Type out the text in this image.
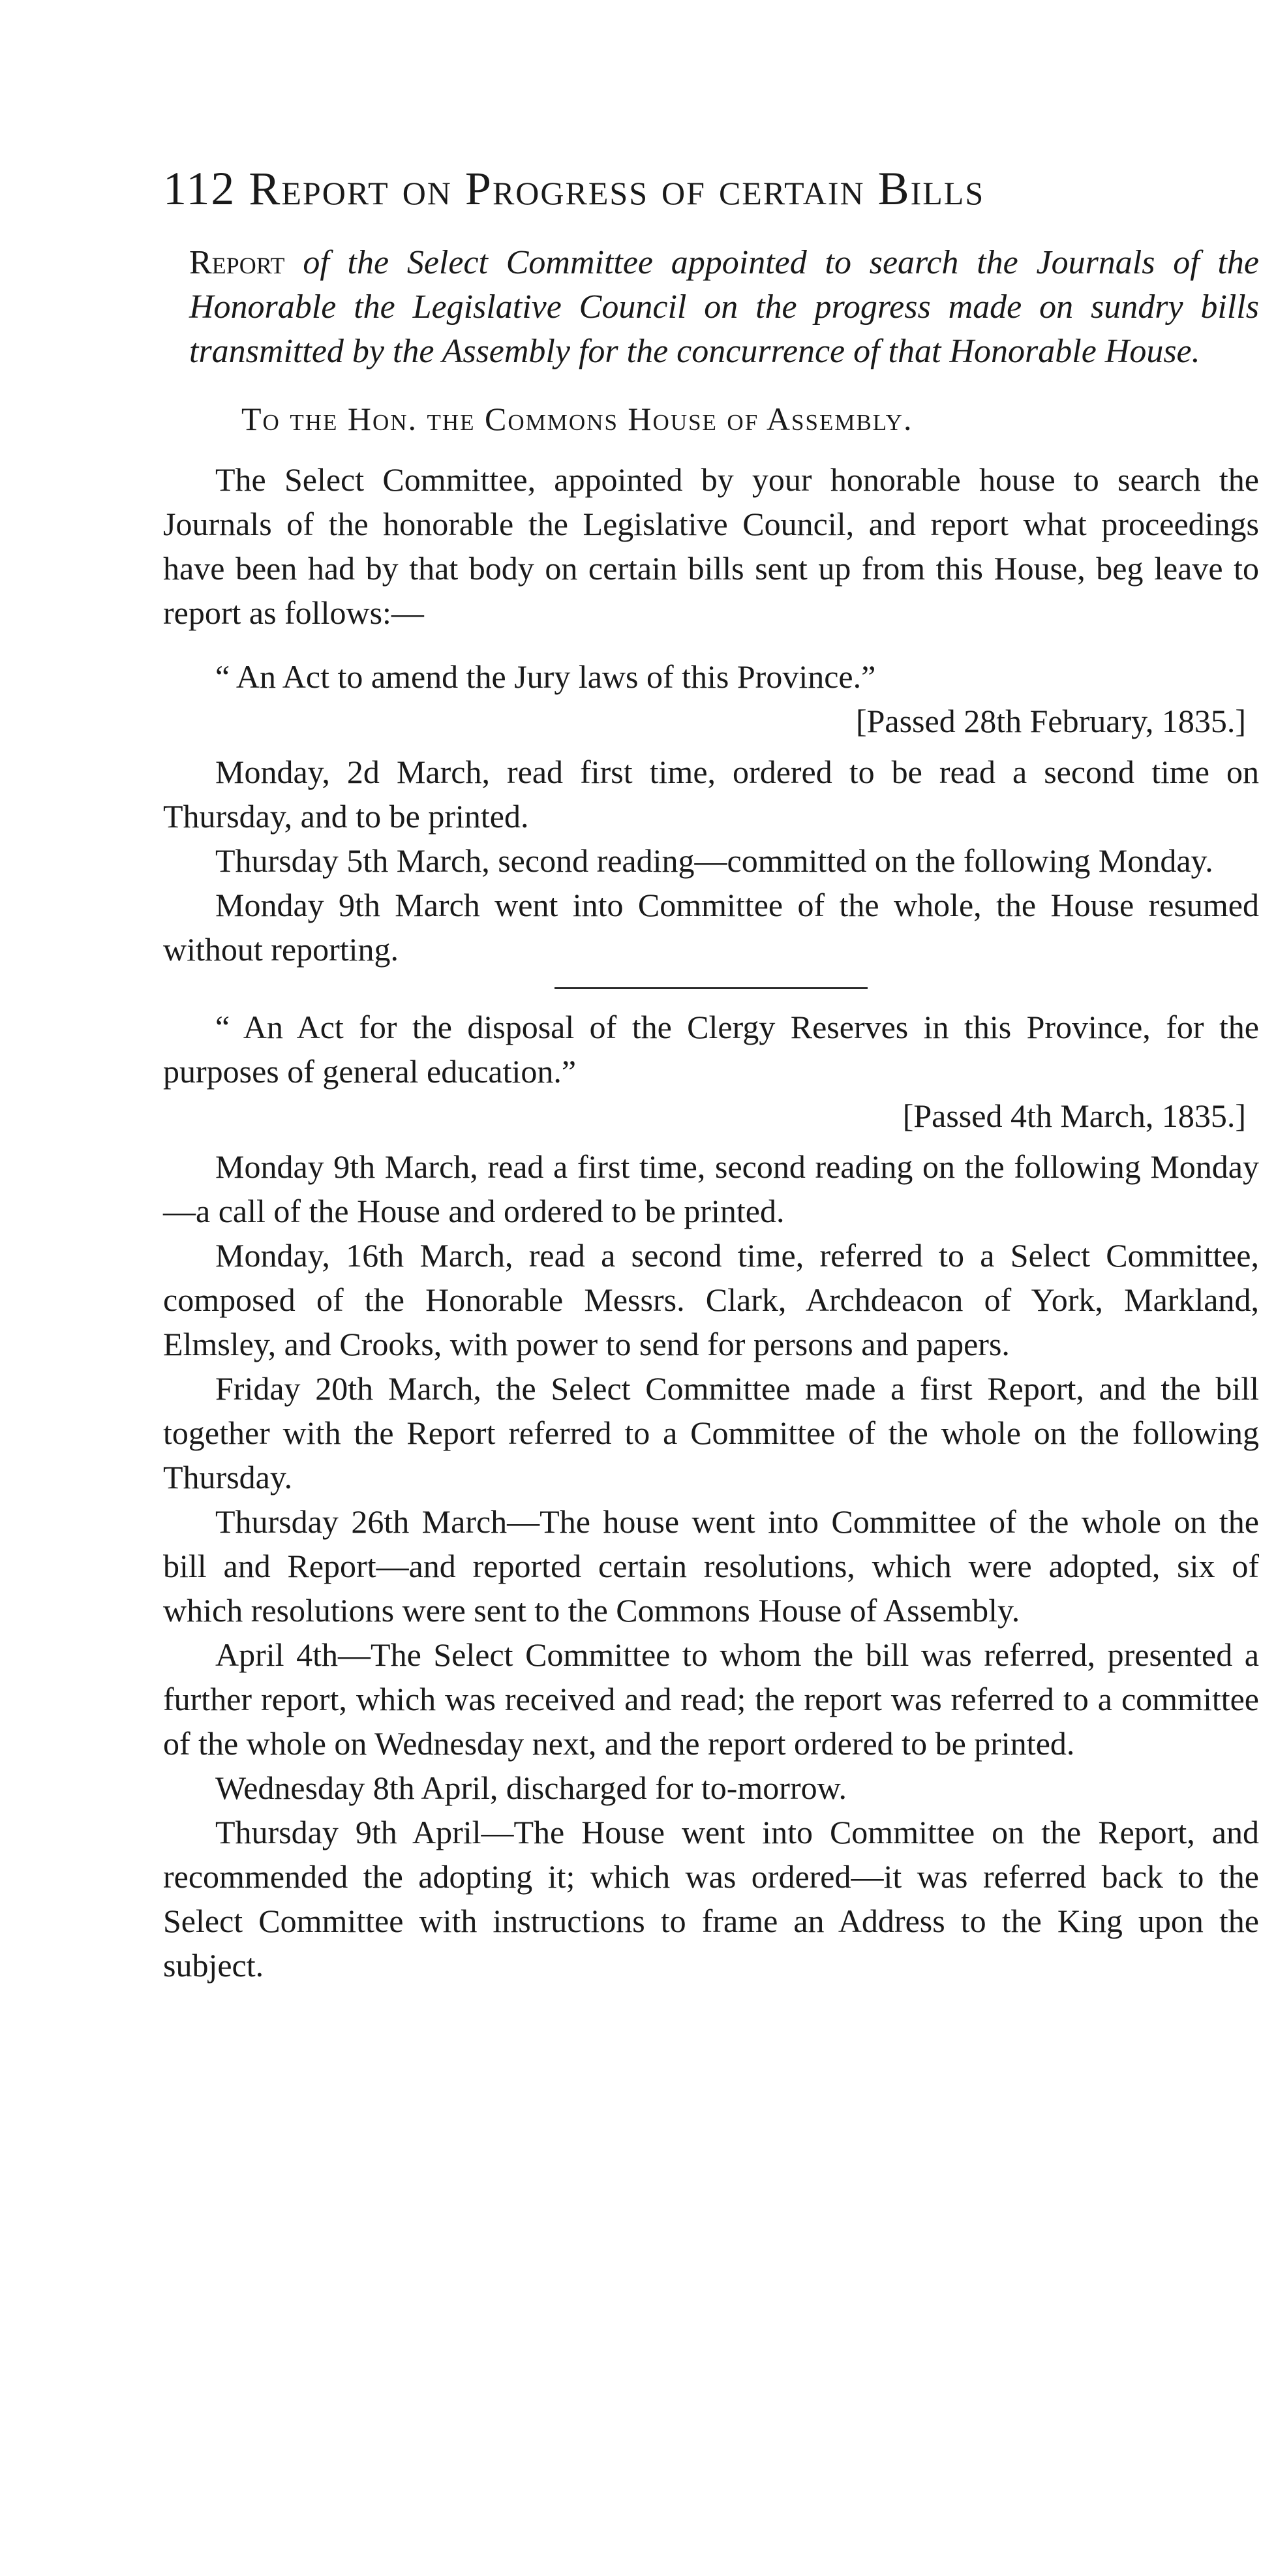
112 Report on Progress of certain Bills
Report of the Select Committee appointed to search the Journals of the Honorable the Legislative Council on the progress made on sundry bills transmitted by the Assembly for the concurrence of that Honorable House.
To the Hon. the Commons House of Assembly.

The Select Committee, appointed by your honorable house to search the Journals of the honorable the Legislative Council, and report what proceedings have been had by that body on certain bills sent up from this House, beg leave to report as follows:—

“ An Act to amend the Jury laws of this Province.”

[Passed 28th February, 1835.]

Monday, 2d March, read first time, ordered to be read a second time on Thursday, and to be printed.

Thursday 5th March, second reading—committed on the following Monday.

Monday 9th March went into Committee of the whole, the House resumed without reporting.

“ An Act for the disposal of the Clergy Reserves in this Province, for the purposes of general education.”

[Passed 4th March, 1835.]

Monday 9th March, read a first time, second reading on the following Monday—a call of the House and ordered to be printed.

Monday, 16th March, read a second time, referred to a Select Committee, composed of the Honorable Messrs. Clark, Archdeacon of York, Markland, Elmsley, and Crooks, with power to send for persons and papers.

Friday 20th March, the Select Committee made a first Report, and the bill together with the Report referred to a Committee of the whole on the following Thursday.

Thursday 26th March—The house went into Committee of the whole on the bill and Report—and reported certain resolutions, which were adopted, six of which resolutions were sent to the Commons House of Assembly.

April 4th—The Select Committee to whom the bill was referred, presented a further report, which was received and read; the report was referred to a committee of the whole on Wednesday next, and the report ordered to be printed.

Wednesday 8th April, discharged for to-morrow.

Thursday 9th April—The House went into Committee on the Report, and recommended the adopting it; which was ordered—it was referred back to the Select Committee with instructions to frame an Address to the King upon the subject.
